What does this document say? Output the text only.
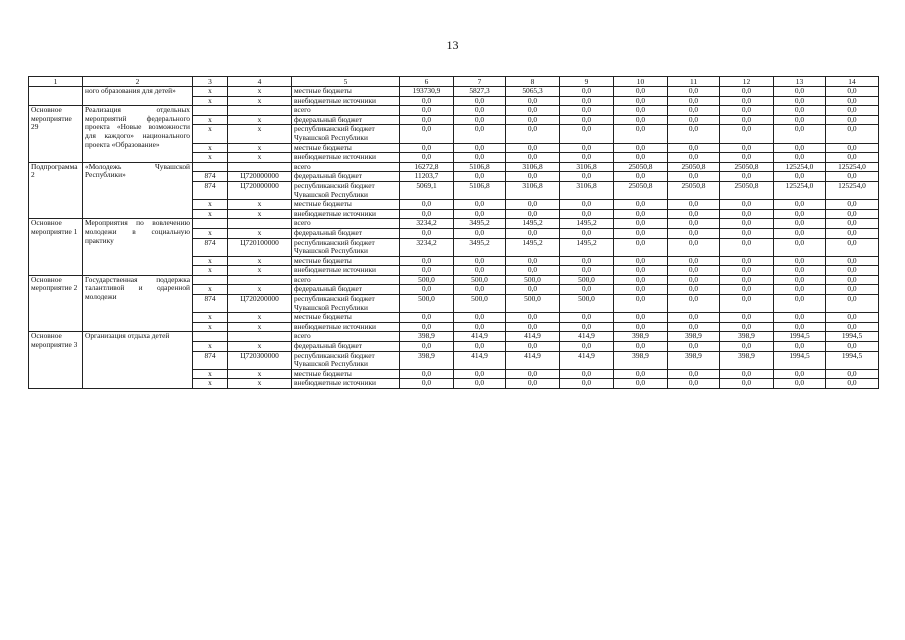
13
1	2	3	4	5	6	7	8	9	10	11	12	13	14
	ного образования для детей»	х	х	местные бюджеты	193730,9	5827,3	5065,3	0,0	0,0	0,0	0,0	0,0	0,0
		х	х	внебюджетные источники	0,0	0,0	0,0	0,0	0,0	0,0	0,0	0,0	0,0
Основное мероприятие 29	Реализация отдельных мероприятий федерального проекта «Новые возможности для каждого» национального проекта «Образование»			всего	0,0	0,0	0,0	0,0	0,0	0,0	0,0	0,0	0,0
		х	х	федеральный бюджет	0,0	0,0	0,0	0,0	0,0	0,0	0,0	0,0	0,0
		х	х	республиканский бюджет Чувашской Республики	0,0	0,0	0,0	0,0	0,0	0,0	0,0	0,0	0,0
		х	х	местные бюджеты	0,0	0,0	0,0	0,0	0,0	0,0	0,0	0,0	0,0
		х	х	внебюджетные источники	0,0	0,0	0,0	0,0	0,0	0,0	0,0	0,0	0,0
Подпрограмма 2	«Молодежь Чувашской Республики»			всего	16272,8	5106,8	3106,8	3106,8	25050,8	25050,8	25050,8	125254,0	125254,0
		874	Ц720000000	федеральный бюджет	11203,7	0,0	0,0	0,0	0,0	0,0	0,0	0,0	0,0
		874	Ц720000000	республиканский бюджет Чувашской Республики	5069,1	5106,8	3106,8	3106,8	25050,8	25050,8	25050,8	125254,0	125254,0
		х	х	местные бюджеты	0,0	0,0	0,0	0,0	0,0	0,0	0,0	0,0	0,0
		х	х	внебюджетные источники	0,0	0,0	0,0	0,0	0,0	0,0	0,0	0,0	0,0
Основное мероприятие 1	Мероприятия по вовлечению молодежи в социальную практику			всего	3234,2	3495,2	1495,2	1495,2	0,0	0,0	0,0	0,0	0,0
		х	х	федеральный бюджет	0,0	0,0	0,0	0,0	0,0	0,0	0,0	0,0	0,0
		874	Ц720100000	республиканский бюджет Чувашской Республики	3234,2	3495,2	1495,2	1495,2	0,0	0,0	0,0	0,0	0,0
		х	х	местные бюджеты	0,0	0,0	0,0	0,0	0,0	0,0	0,0	0,0	0,0
		х	х	внебюджетные источники	0,0	0,0	0,0	0,0	0,0	0,0	0,0	0,0	0,0
Основное мероприятие 2	Государственная поддержка талантливой и одаренной молодежи			всего	500,0	500,0	500,0	500,0	0,0	0,0	0,0	0,0	0,0
		х	х	федеральный бюджет	0,0	0,0	0,0	0,0	0,0	0,0	0,0	0,0	0,0
		874	Ц720200000	республиканский бюджет Чувашской Республики	500,0	500,0	500,0	500,0	0,0	0,0	0,0	0,0	0,0
		х	х	местные бюджеты	0,0	0,0	0,0	0,0	0,0	0,0	0,0	0,0	0,0
		х	х	внебюджетные источники	0,0	0,0	0,0	0,0	0,0	0,0	0,0	0,0	0,0
Основное мероприятие 3	Организация отдыха детей			всего	398,9	414,9	414,9	414,9	398,9	398,9	398,9	1994,5	1994,5
		х	х	федеральный бюджет	0,0	0,0	0,0	0,0	0,0	0,0	0,0	0,0	0,0
		874	Ц720300000	республиканский бюджет Чувашской Республики	398,9	414,9	414,9	414,9	398,9	398,9	398,9	1994,5	1994,5
		х	х	местные бюджеты	0,0	0,0	0,0	0,0	0,0	0,0	0,0	0,0	0,0
		х	х	внебюджетные источники	0,0	0,0	0,0	0,0	0,0	0,0	0,0	0,0	0,0
